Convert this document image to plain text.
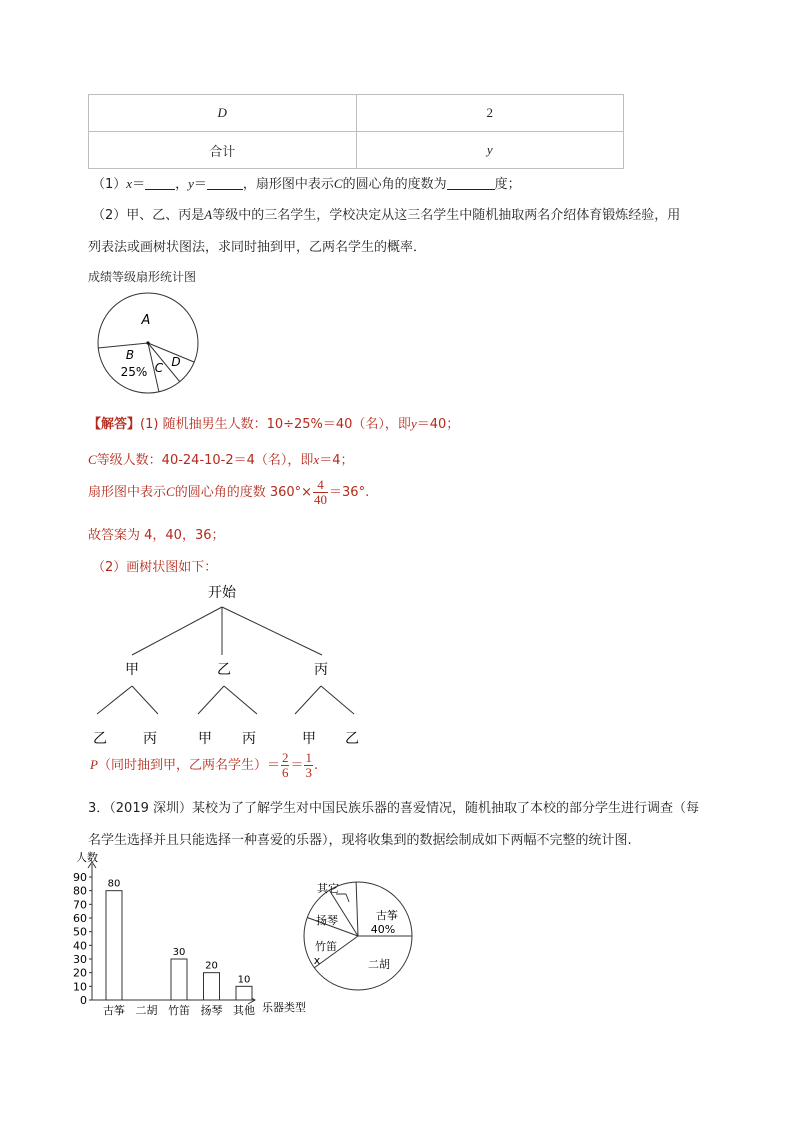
D	2
合计	y
（1）x＝ ，y＝	，扇形图中表示C的圆心角的度数为	度；
（2）甲、乙、丙是A等级中的三名学生，学校决定从这三名学生中随机抽取两名介绍体育锻炼经验，用
列表法或画树状图法，求同时抽到甲，乙两名学生的概率．
成绩等级扇形统计图
A
B
25% C D
【解答】(1) 随机抽男生人数：10÷25%＝40（名），即y＝40；
C等级人数：40-24-10-2＝4（名），即x＝4；
扇形图中表示C的圆心角的度数 $360^\circ\times \frac{4}{40} =36^\circ$.
故答案为 4，40，36；
（2）画树状图如下：
开始
甲	乙	丙
乙	丙	甲 丙	甲 乙
P（同时抽到甲，乙两名学生）＝ $\frac{2}{6} = \frac{1}{3}$ .
3．（2019 深圳）某校为了了解学生对中国民族乐器的喜爱情况，随机抽取了本校的部分学生进行调查（每
名学生选择并且只能选择一种喜爱的乐器），现将收集到的数据绘制成如下两幅不完整的统计图.
人数
乐器类型
0
10
20
30
40
50
60
70
80
90
80
古筝 二胡
30
竹笛
20
扬琴
10
其他
古筝
40%
二胡
竹笛
x
扬琴
其它
